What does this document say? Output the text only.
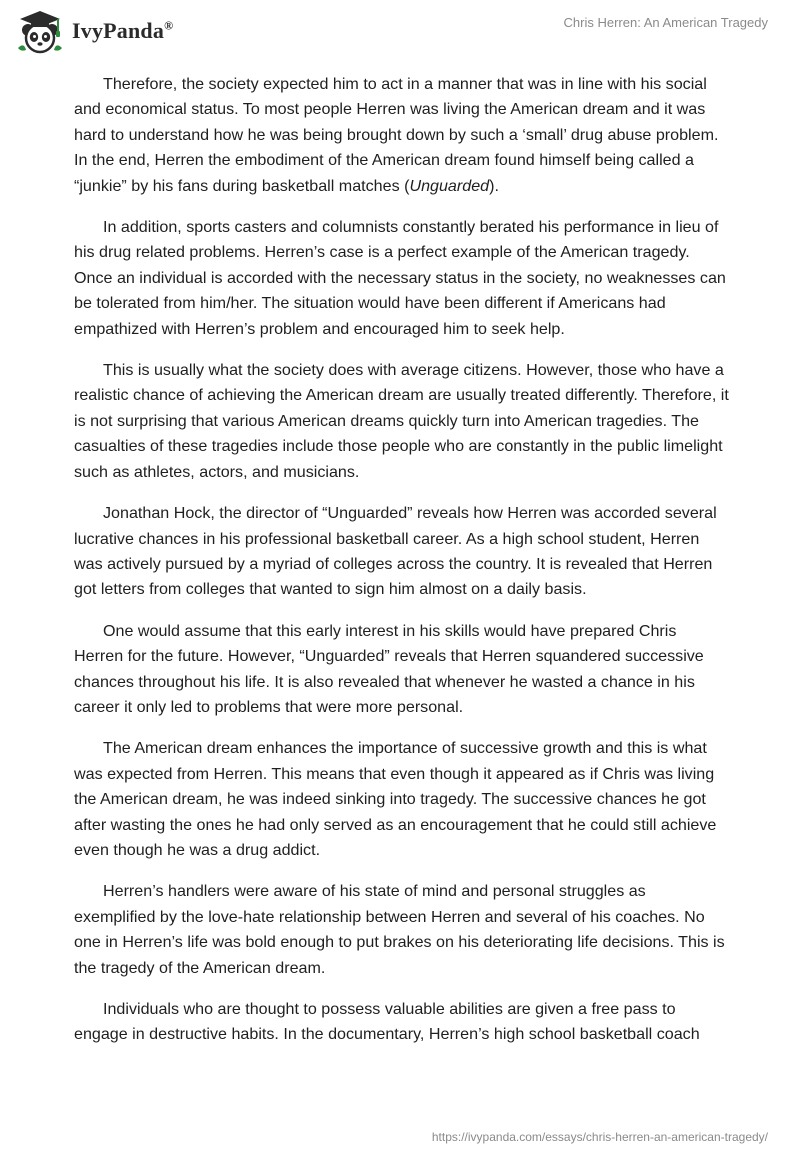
IvyPanda®	Chris Herren: An American Tragedy

Therefore, the society expected him to act in a manner that was in line with his social and economical status. To most people Herren was living the American dream and it was hard to understand how he was being brought down by such a ‘small’ drug abuse problem. In the end, Herren the embodiment of the American dream found himself being called a “junkie” by his fans during basketball matches (Unguarded).

In addition, sports casters and columnists constantly berated his performance in lieu of his drug related problems. Herren’s case is a perfect example of the American tragedy. Once an individual is accorded with the necessary status in the society, no weaknesses can be tolerated from him/her. The situation would have been different if Americans had empathized with Herren’s problem and encouraged him to seek help.

This is usually what the society does with average citizens. However, those who have a realistic chance of achieving the American dream are usually treated differently. Therefore, it is not surprising that various American dreams quickly turn into American tragedies. The casualties of these tragedies include those people who are constantly in the public limelight such as athletes, actors, and musicians.

Jonathan Hock, the director of “Unguarded” reveals how Herren was accorded several lucrative chances in his professional basketball career. As a high school student, Herren was actively pursued by a myriad of colleges across the country. It is revealed that Herren got letters from colleges that wanted to sign him almost on a daily basis.

One would assume that this early interest in his skills would have prepared Chris Herren for the future. However, “Unguarded” reveals that Herren squandered successive chances throughout his life. It is also revealed that whenever he wasted a chance in his career it only led to problems that were more personal.

The American dream enhances the importance of successive growth and this is what was expected from Herren. This means that even though it appeared as if Chris was living the American dream, he was indeed sinking into tragedy. The successive chances he got after wasting the ones he had only served as an encouragement that he could still achieve even though he was a drug addict.

Herren’s handlers were aware of his state of mind and personal struggles as exemplified by the love-hate relationship between Herren and several of his coaches. No one in Herren’s life was bold enough to put brakes on his deteriorating life decisions. This is the tragedy of the American dream.

Individuals who are thought to possess valuable abilities are given a free pass to engage in destructive habits. In the documentary, Herren’s high school basketball coach

https://ivypanda.com/essays/chris-herren-an-american-tragedy/
